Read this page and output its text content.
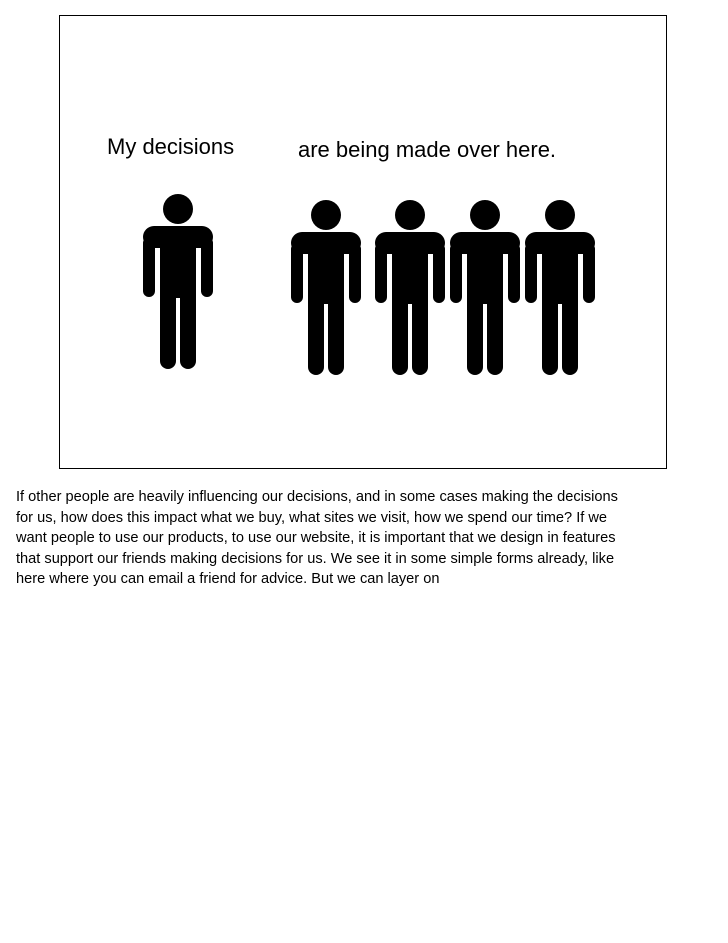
My decisions	are being made over here.

If other people are heavily influencing our decisions, and in some cases making the decisions

for us, how does this impact what we buy, what sites we visit, how we spend our time? If we

want people to use our products, to use our website, it is important that we design in features

that support our friends making decisions for us. We see it in some simple forms already, like

here where you can email a friend for advice. But we can layer on
